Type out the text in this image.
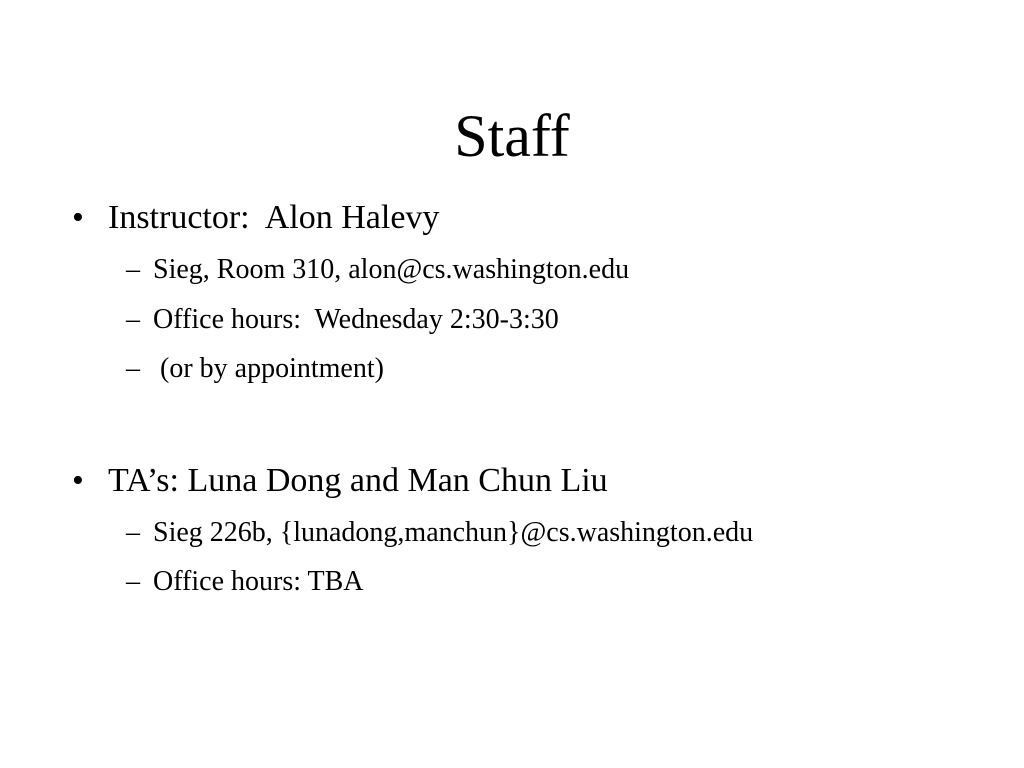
Staff

•

Instructor:  Alon Halevy

–

Sieg, Room 310, alon@cs.washington.edu

–

Office hours:  Wednesday 2:30-3:30

–

(or by appointment)

•

TA’s: Luna Dong and Man Chun Liu

–

Sieg 226b, {lunadong,manchun}@cs.washington.edu

–

Office hours: TBA
